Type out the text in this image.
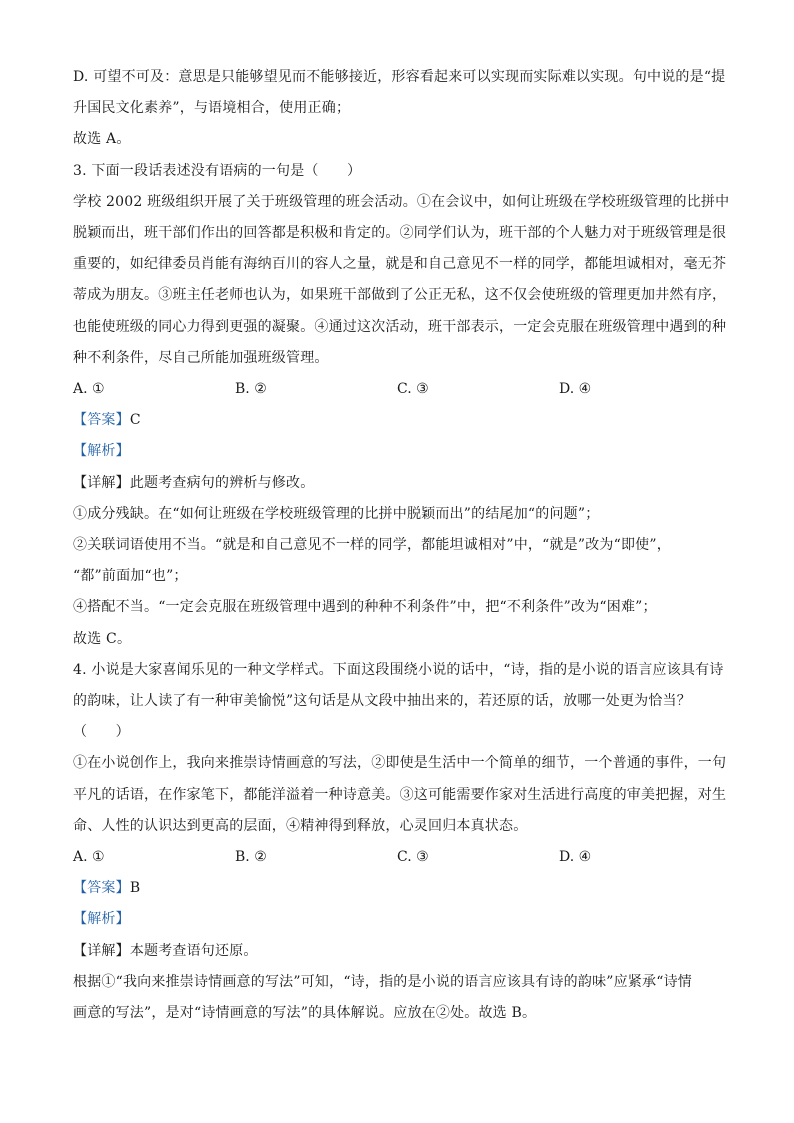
D. 可望不可及：意思是只能够望见而不能够接近，形容看起来可以实现而实际难以实现。句中说的是“提
升国民文化素养”，与语境相合，使用正确；
故选 A。
3. 下面一段话表述没有语病的一句是（　　）
学校 2002 班级组织开展了关于班级管理的班会活动。①在会议中，如何让班级在学校班级管理的比拼中
脱颖而出，班干部们作出的回答都是积极和肯定的。②同学们认为，班干部的个人魅力对于班级管理是很
重要的，如纪律委员肖能有海纳百川的容人之量，就是和自己意见不一样的同学，都能坦诚相对，毫无芥
蒂成为朋友。③班主任老师也认为，如果班干部做到了公正无私，这不仅会使班级的管理更加井然有序，
也能使班级的同心力得到更强的凝聚。④通过这次活动，班干部表示，一定会克服在班级管理中遇到的种
种不利条件，尽自己所能加强班级管理。
A. ①	B. ②	C. ③	D. ④
【答案】C
【解析】
【详解】此题考查病句的辨析与修改。
①成分残缺。在“如何让班级在学校班级管理的比拼中脱颖而出”的结尾加“的问题”；
②关联词语使用不当。“就是和自己意见不一样的同学，都能坦诚相对”中，“就是”改为“即使”，
“都”前面加“也”；
④搭配不当。“一定会克服在班级管理中遇到的种种不利条件”中，把“不利条件”改为“困难”；
故选 C。
4. 小说是大家喜闻乐见的一种文学样式。下面这段围绕小说的话中，“诗，指的是小说的语言应该具有诗
的韵味，让人读了有一种审美愉悦”这句话是从文段中抽出来的，若还原的话，放哪一处更为恰当？
（　　）
①在小说创作上，我向来推崇诗情画意的写法，②即使是生活中一个简单的细节，一个普通的事件，一句
平凡的话语，在作家笔下，都能洋溢着一种诗意美。③这可能需要作家对生活进行高度的审美把握，对生
命、人性的认识达到更高的层面，④精神得到释放，心灵回归本真状态。
A. ①	B. ②	C. ③	D. ④
【答案】B
【解析】
【详解】本题考查语句还原。
根据①“我向来推崇诗情画意的写法”可知，“诗，指的是小说的语言应该具有诗的韵味”应紧承“诗情
画意的写法”，是对“诗情画意的写法”的具体解说。应放在②处。故选 B。
